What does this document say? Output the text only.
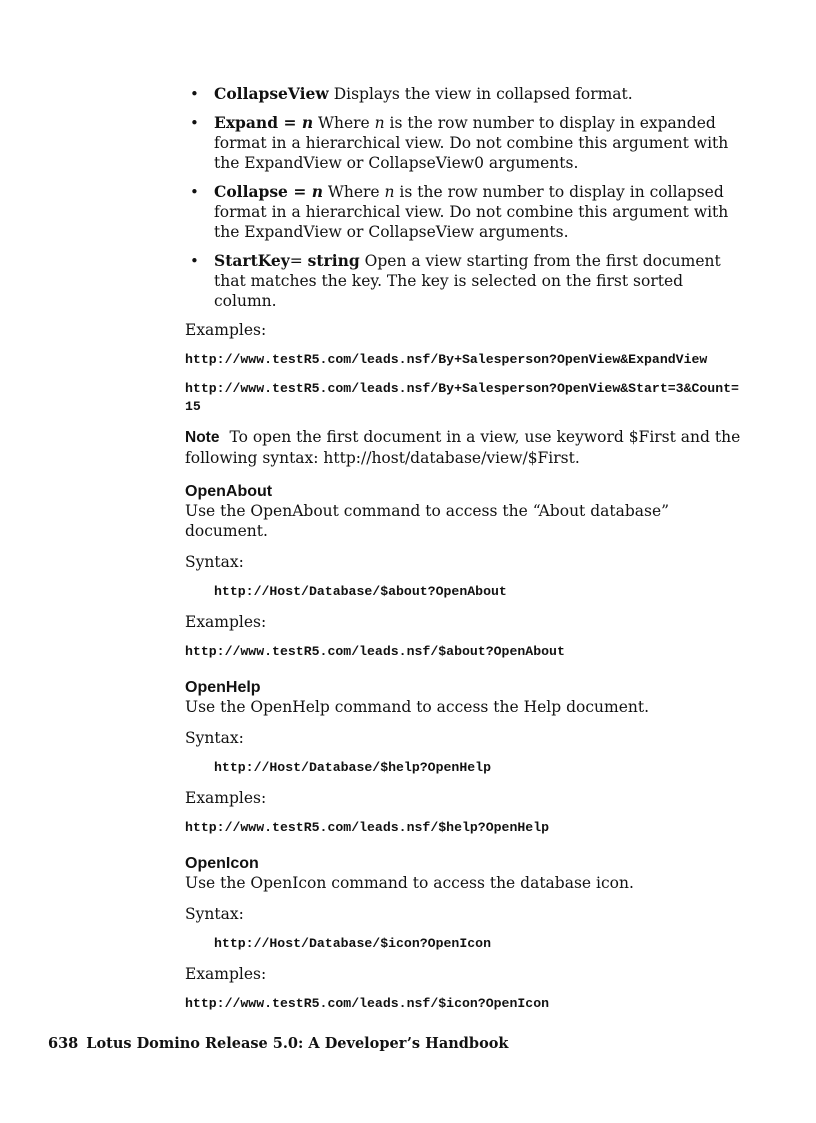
• CollapseView Displays the view in collapsed format.
• Expand = n Where n is the row number to display in expanded format in a hierarchical view. Do not combine this argument with the ExpandView or CollapseView0 arguments.
• Collapse = n Where n is the row number to display in collapsed format in a hierarchical view. Do not combine this argument with the ExpandView or CollapseView arguments.
• StartKey= string Open a view starting from the first document that matches the key. The key is selected on the first sorted column.

Examples:

http://www.testR5.com/leads.nsf/By+Salesperson?OpenView&ExpandView

http://www.testR5.com/leads.nsf/By+Salesperson?OpenView&Start=3&Count=15

Note To open the first document in a view, use keyword $First and the following syntax: http://host/database/view/$First.

OpenAbout

Use the OpenAbout command to access the “About database” document.

Syntax:

http://Host/Database/$about?OpenAbout

Examples:

http://www.testR5.com/leads.nsf/$about?OpenAbout

OpenHelp

Use the OpenHelp command to access the Help document.

Syntax:

http://Host/Database/$help?OpenHelp

Examples:

http://www.testR5.com/leads.nsf/$help?OpenHelp

OpenIcon

Use the OpenIcon command to access the database icon.

Syntax:

http://Host/Database/$icon?OpenIcon

Examples:

http://www.testR5.com/leads.nsf/$icon?OpenIcon

638 Lotus Domino Release 5.0: A Developer’s Handbook
